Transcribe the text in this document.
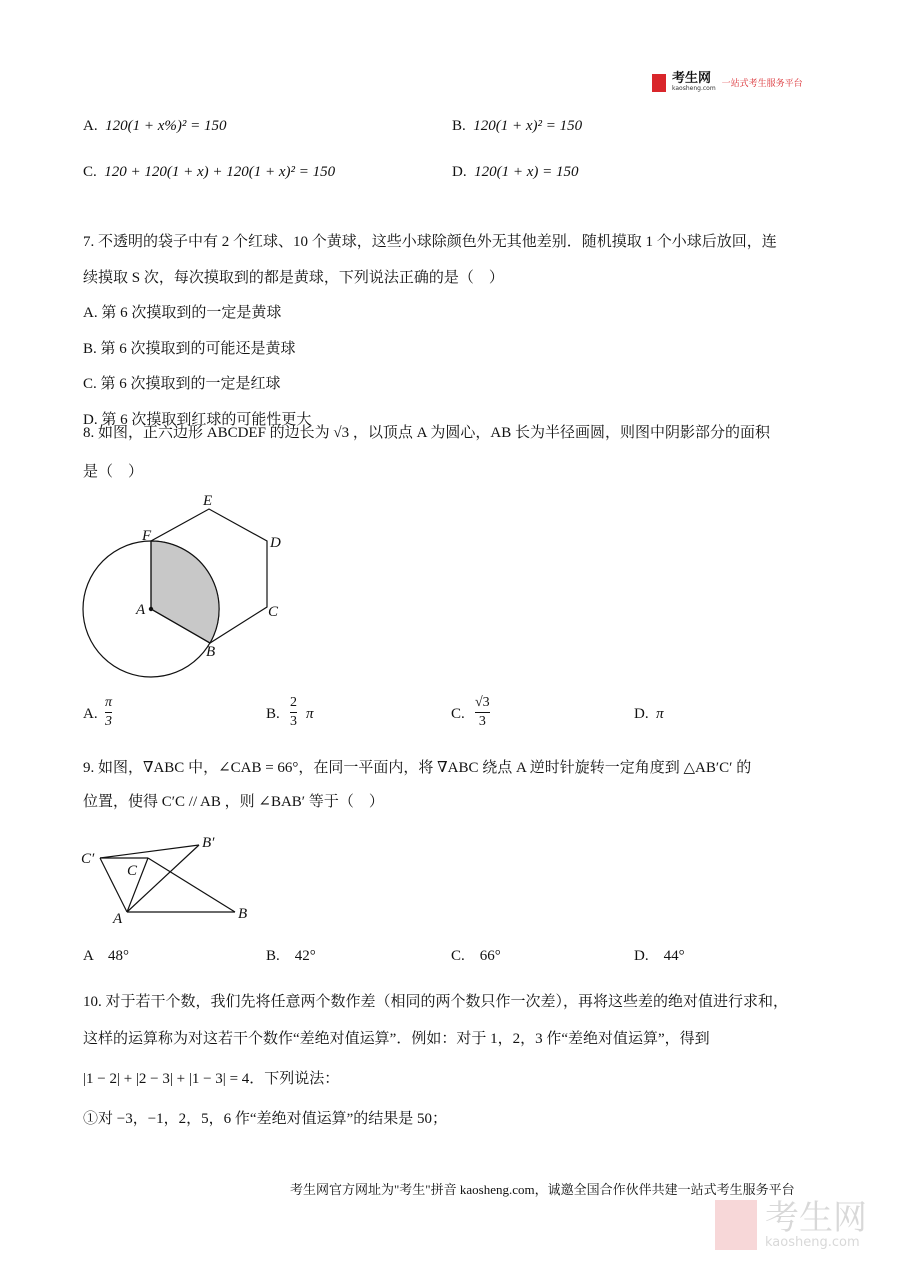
考生网
kaosheng.com 一站式考生服务平台
A. 120(1 + x%)² = 150	B. 120(1 + x)² = 150
C. 120 + 120(1 + x) + 120(1 + x)² = 150	D. 120(1 + x) = 150
7. 不透明的袋子中有 2 个红球、10 个黄球，这些小球除颜色外无其他差别．随机摸取 1 个小球后放回，连
续摸取 S 次，每次摸取到的都是黄球，下列说法正确的是（　）
A. 第 6 次摸取到的一定是黄球
B. 第 6 次摸取到的可能还是黄球
C. 第 6 次摸取到的一定是红球
D. 第 6 次摸取到红球的可能性更大
8. 如图，正六边形 ABCDEF 的边长为 √3 ，以顶点 A 为圆心，AB 长为半径画圆，则图中阴影部分的面积
是（　）
A
B
C
D
E
F
C′
B′
C
A	B
A. $\frac{\pi}{3}$	B. $\frac{2}{3}$ π	C. $\frac{√3}{3}$	D. π
9. 如图，∇ABC 中，∠CAB = 66°，在同一平面内，将 ∇ABC 绕点 A 逆时针旋转一定角度到 △AB′C′ 的
位置，使得 C′C // AB ，则 ∠BAB′ 等于（　）
A　48°	B.　42°	C.　66°	D.　44°
10. 对于若干个数，我们先将任意两个数作差（相同的两个数只作一次差），再将这些差的绝对值进行求和，
这样的运算称为对这若干个数作“差绝对值运算”．例如：对于 1，2，3 作“差绝对值运算”，得到
|1 − 2| + |2 − 3| + |1 − 3| = 4．下列说法：
①对 −3，−1，2，5，6 作“差绝对值运算”的结果是 50；
考生网官方网址为"考生"拼音 kaosheng.com，诚邀全国合作伙伴共建一站式考生服务平台
考生网
kaosheng.com
